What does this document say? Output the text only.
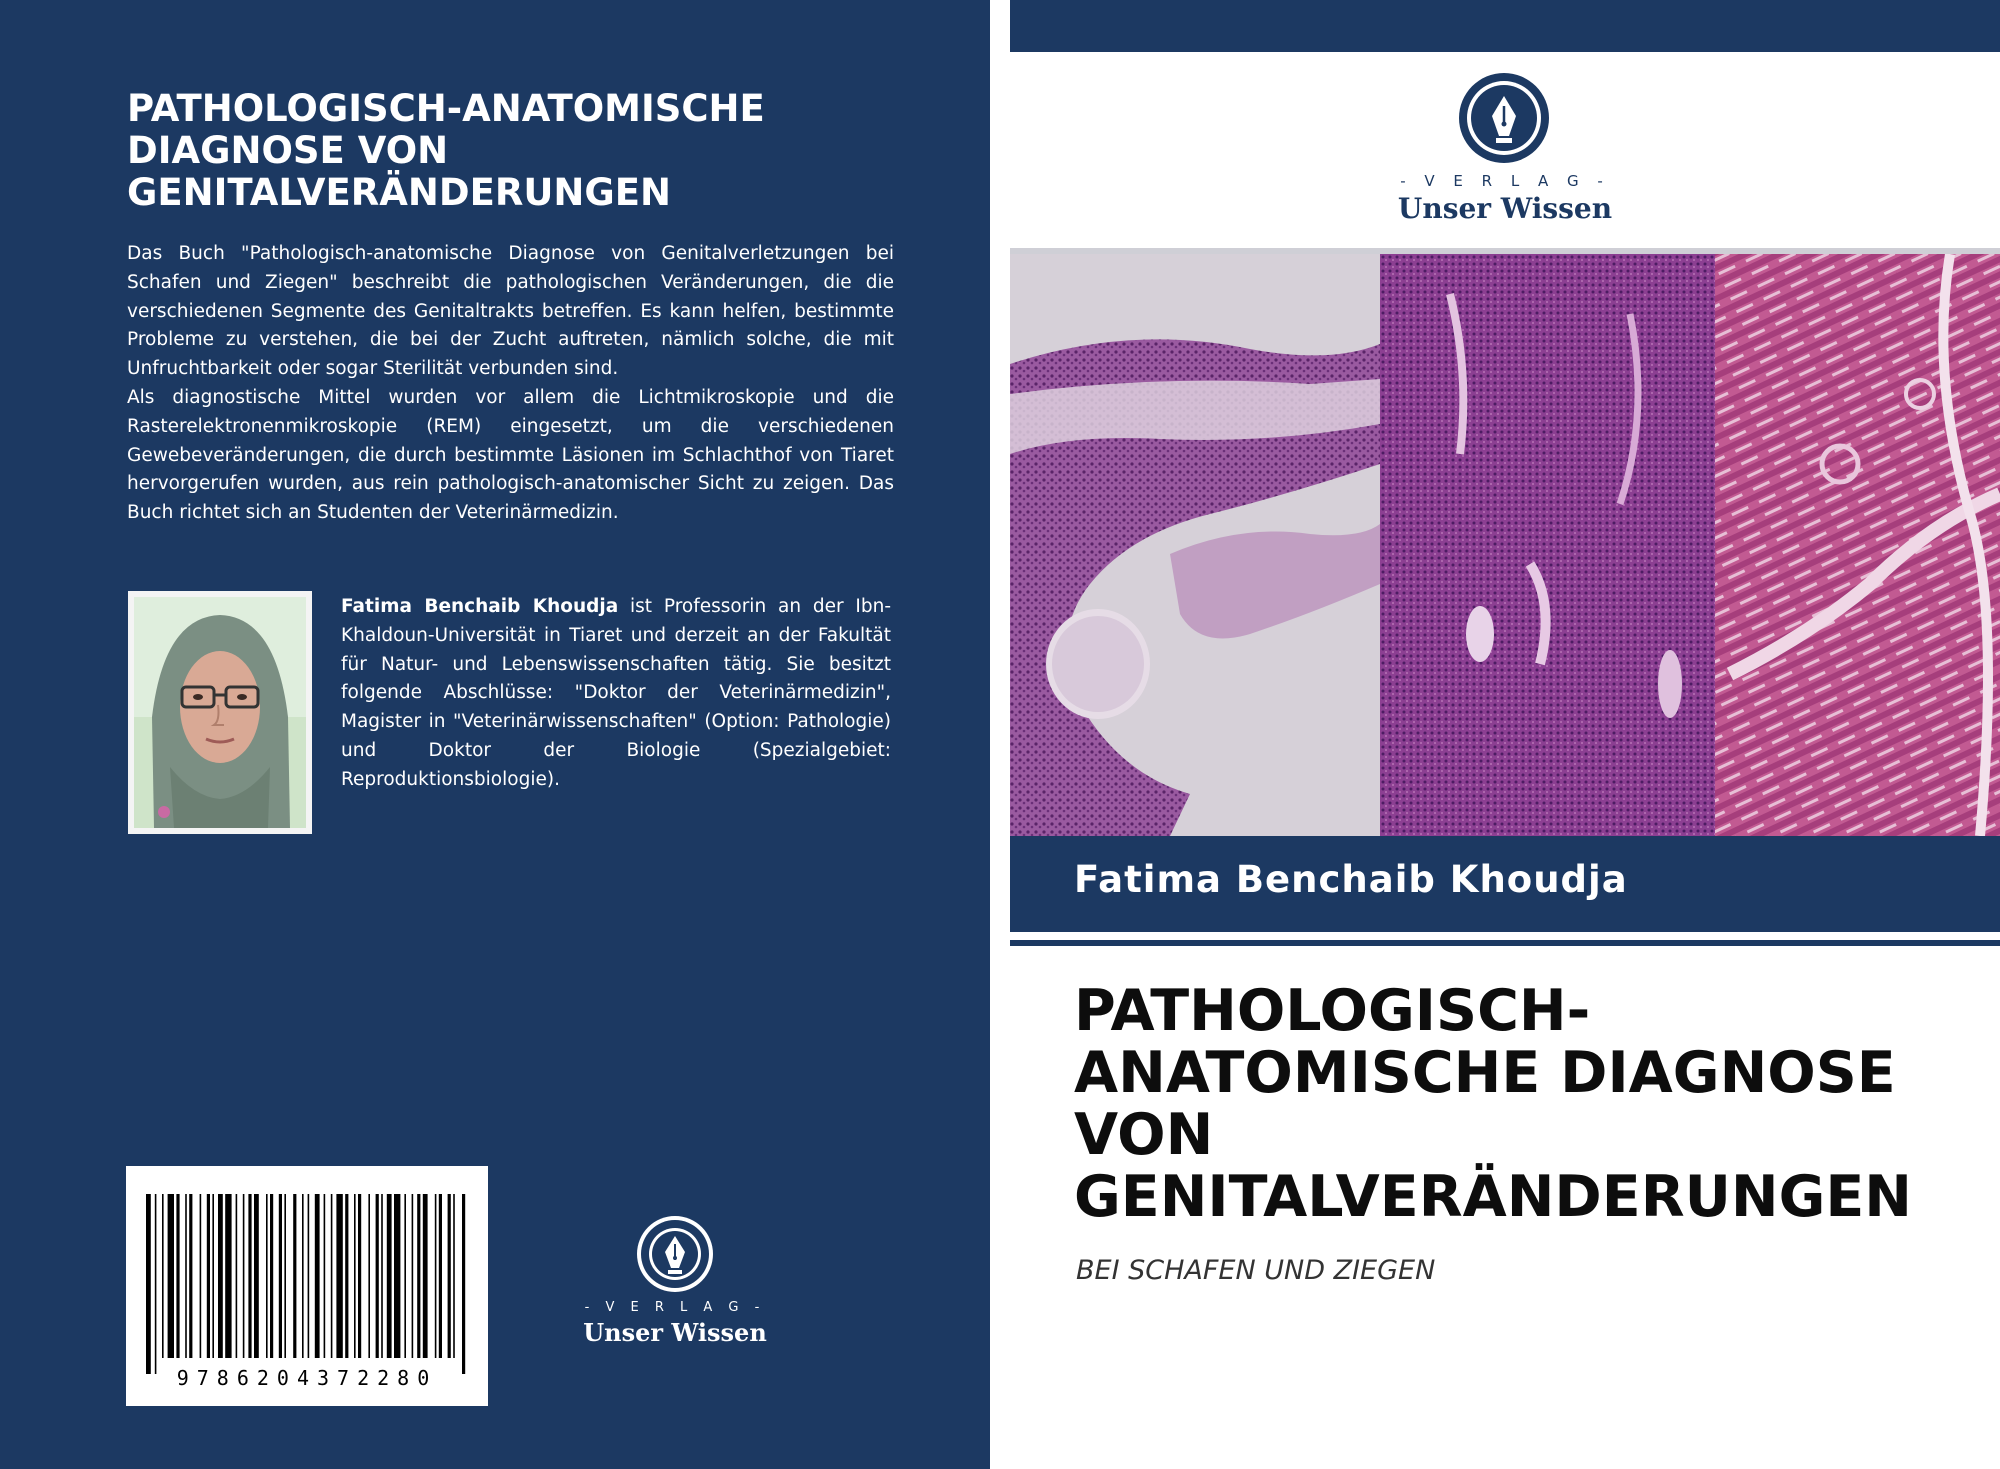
PATHOLOGISCH-ANATOMISCHE DIAGNOSE VON GENITALVERÄNDERUNGEN

Das Buch "Pathologisch-anatomische Diagnose von Genitalverletzungen bei Schafen und Ziegen" beschreibt die pathologischen Veränderungen, die die verschiedenen Segmente des Genitaltrakts betreffen. Es kann helfen, bestimmte Probleme zu verstehen, die bei der Zucht auftreten, nämlich solche, die mit Unfruchtbarkeit oder sogar Sterilität verbunden sind.

Als diagnostische Mittel wurden vor allem die Lichtmikroskopie und die Rasterelektronenmikroskopie (REM) eingesetzt, um die verschiedenen Gewebeveränderungen, die durch bestimmte Läsionen im Schlachthof von Tiaret hervorgerufen wurden, aus rein pathologisch-anatomischer Sicht zu zeigen. Das Buch richtet sich an Studenten der Veterinärmedizin.

Fatima Benchaib Khoudja ist Professorin an der Ibn-Khaldoun-Universität in Tiaret und derzeit an der Fakultät für Natur- und Lebenswissenschaften tätig. Sie besitzt folgende Abschlüsse: "Doktor der Veterinärmedizin", Magister in "Veterinärwissenschaften" (Option: Pathologie) und Doktor der Biologie (Spezialgebiet: Reproduktionsbiologie).
9786204372280
- V E R L A G -
Unser Wissen
- V E R L A G -
Unser Wissen
Fatima Benchaib Khoudja
PATHOLOGISCH-ANATOMISCHE DIAGNOSE VON GENITALVERÄNDERUNGEN
BEI SCHAFEN UND ZIEGEN
